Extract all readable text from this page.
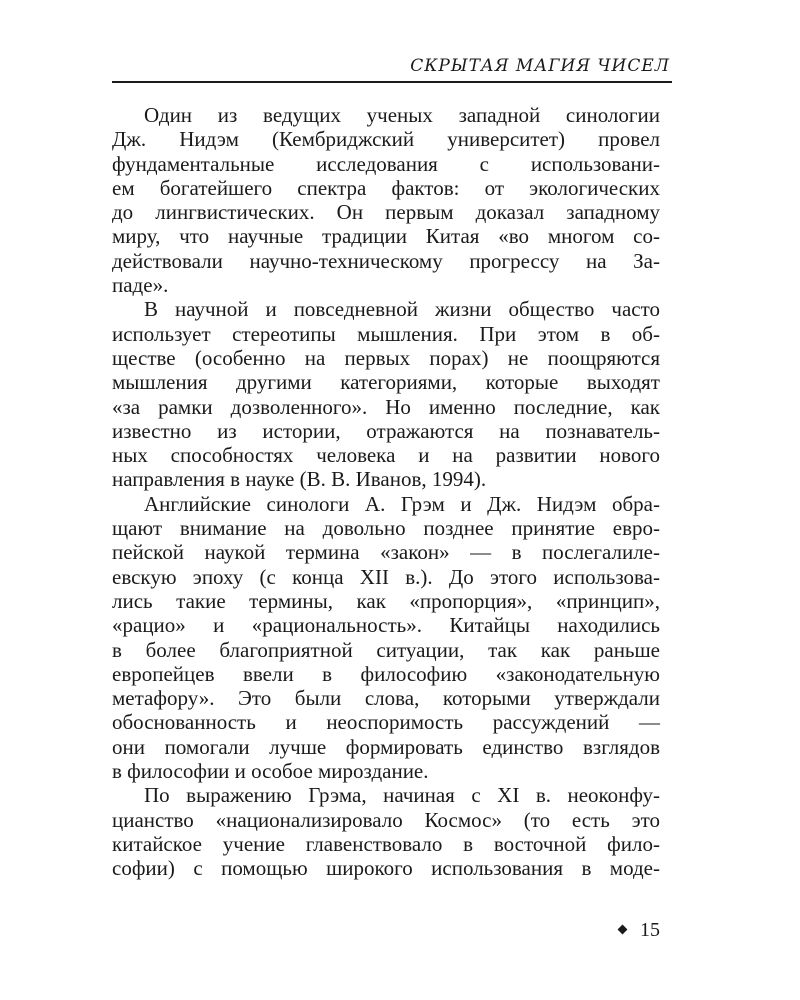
СКРЫТАЯ МАГИЯ ЧИСЕЛ
Один из ведущих ученых западной синологии
Дж. Нидэм (Кембриджский университет) провел
фундаментальные исследования с использовани-
ем богатейшего спектра фактов: от экологических
до лингвистических. Он первым доказал западному
миру, что научные традиции Китая «во многом со-
действовали научно-техническому прогрессу на За-
паде».
В научной и повседневной жизни общество часто
использует стереотипы мышления. При этом в об-
ществе (особенно на первых порах) не поощряются
мышления другими категориями, которые выходят
«за рамки дозволенного». Но именно последние, как
известно из истории, отражаются на познаватель-
ных способностях человека и на развитии нового
направления в науке (В. В. Иванов, 1994).
Английские синологи А. Грэм и Дж. Нидэм обра-
щают внимание на довольно позднее принятие евро-
пейской наукой термина «закон» — в послегалиле-
евскую эпоху (с конца XII в.). До этого использова-
лись такие термины, как «пропорция», «принцип»,
«рацио» и «рациональность». Китайцы находились
в более благоприятной ситуации, так как раньше
европейцев ввели в философию «законодательную
метафору». Это были слова, которыми утверждали
обоснованность и неоспоримость рассуждений —
они помогали лучше формировать единство взглядов
в философии и особое мироздание.
По выражению Грэма, начиная с XI в. неоконфу-
цианство «национализировало Космос» (то есть это
китайское учение главенствовало в восточной фило-
софии) с помощью широкого использования в моде-
15
